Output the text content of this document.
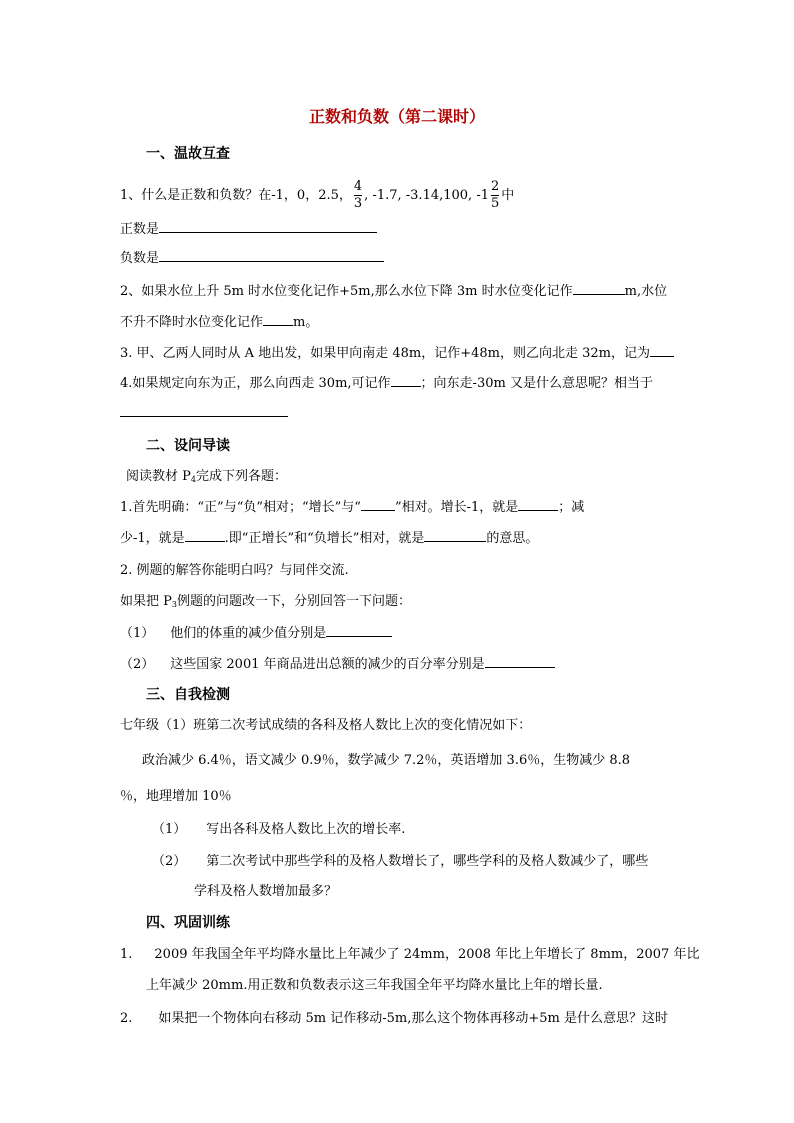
正数和负数（第二课时）
一、温故互查
1、什么是正数和负数？在-1，0，2.5， $\frac{4}{3}$ , -1.7, -3.14,100, $-1 \frac{2}{5}$ 中
正数是
负数是
2、如果水位上升 5m 时水位变化记作+5m,那么水位下降 3m 时水位变化记作	m,水位
不升不降时水位变化记作 m。
3. 甲、乙两人同时从 A 地出发，如果甲向南走 48m，记作+48m，则乙向北走 32m，记为
4.如果规定向东为正，那么向西走 30m,可记作 ；向东走-30m 又是什么意思呢？相当于
二、设问导读
阅读教材 $P_4$完成下列各题：
1.首先明确：“正”与“负”相对；“增长”与“	”相对。增长-1，就是	；减
少-1，就是	.即“正增长”和“负增长”相对，就是	的意思。
2. 例题的解答你能明白吗？与同伴交流.
如果把 $P_3$例题的问题改一下，分别回答一下问题：
（1） 他们的体重的减少值分别是
（2） 这些国家 2001 年商品进出总额的减少的百分率分别是
三、自我检测
七年级（1）班第二次考试成绩的各科及格人数比上次的变化情况如下：
政治减少 6.4％，语文减少 0.9％，数学减少 7.2％，英语增加 3.6％，生物减少 8.8
％，地理增加 10％
（1） 写出各科及格人数比上次的增长率.
（2） 第二次考试中那些学科的及格人数增长了，哪些学科的及格人数减少了，哪些
学科及格人数增加最多？
四、巩固训练
1. 2009 年我国全年平均降水量比上年减少了 24mm，2008 年比上年增长了 8mm，2007 年比
上年减少 20mm.用正数和负数表示这三年我国全年平均降水量比上年的增长量.
2. 如果把一个物体向右移动 5m 记作移动-5m,那么这个物体再移动+5m 是什么意思？这时
